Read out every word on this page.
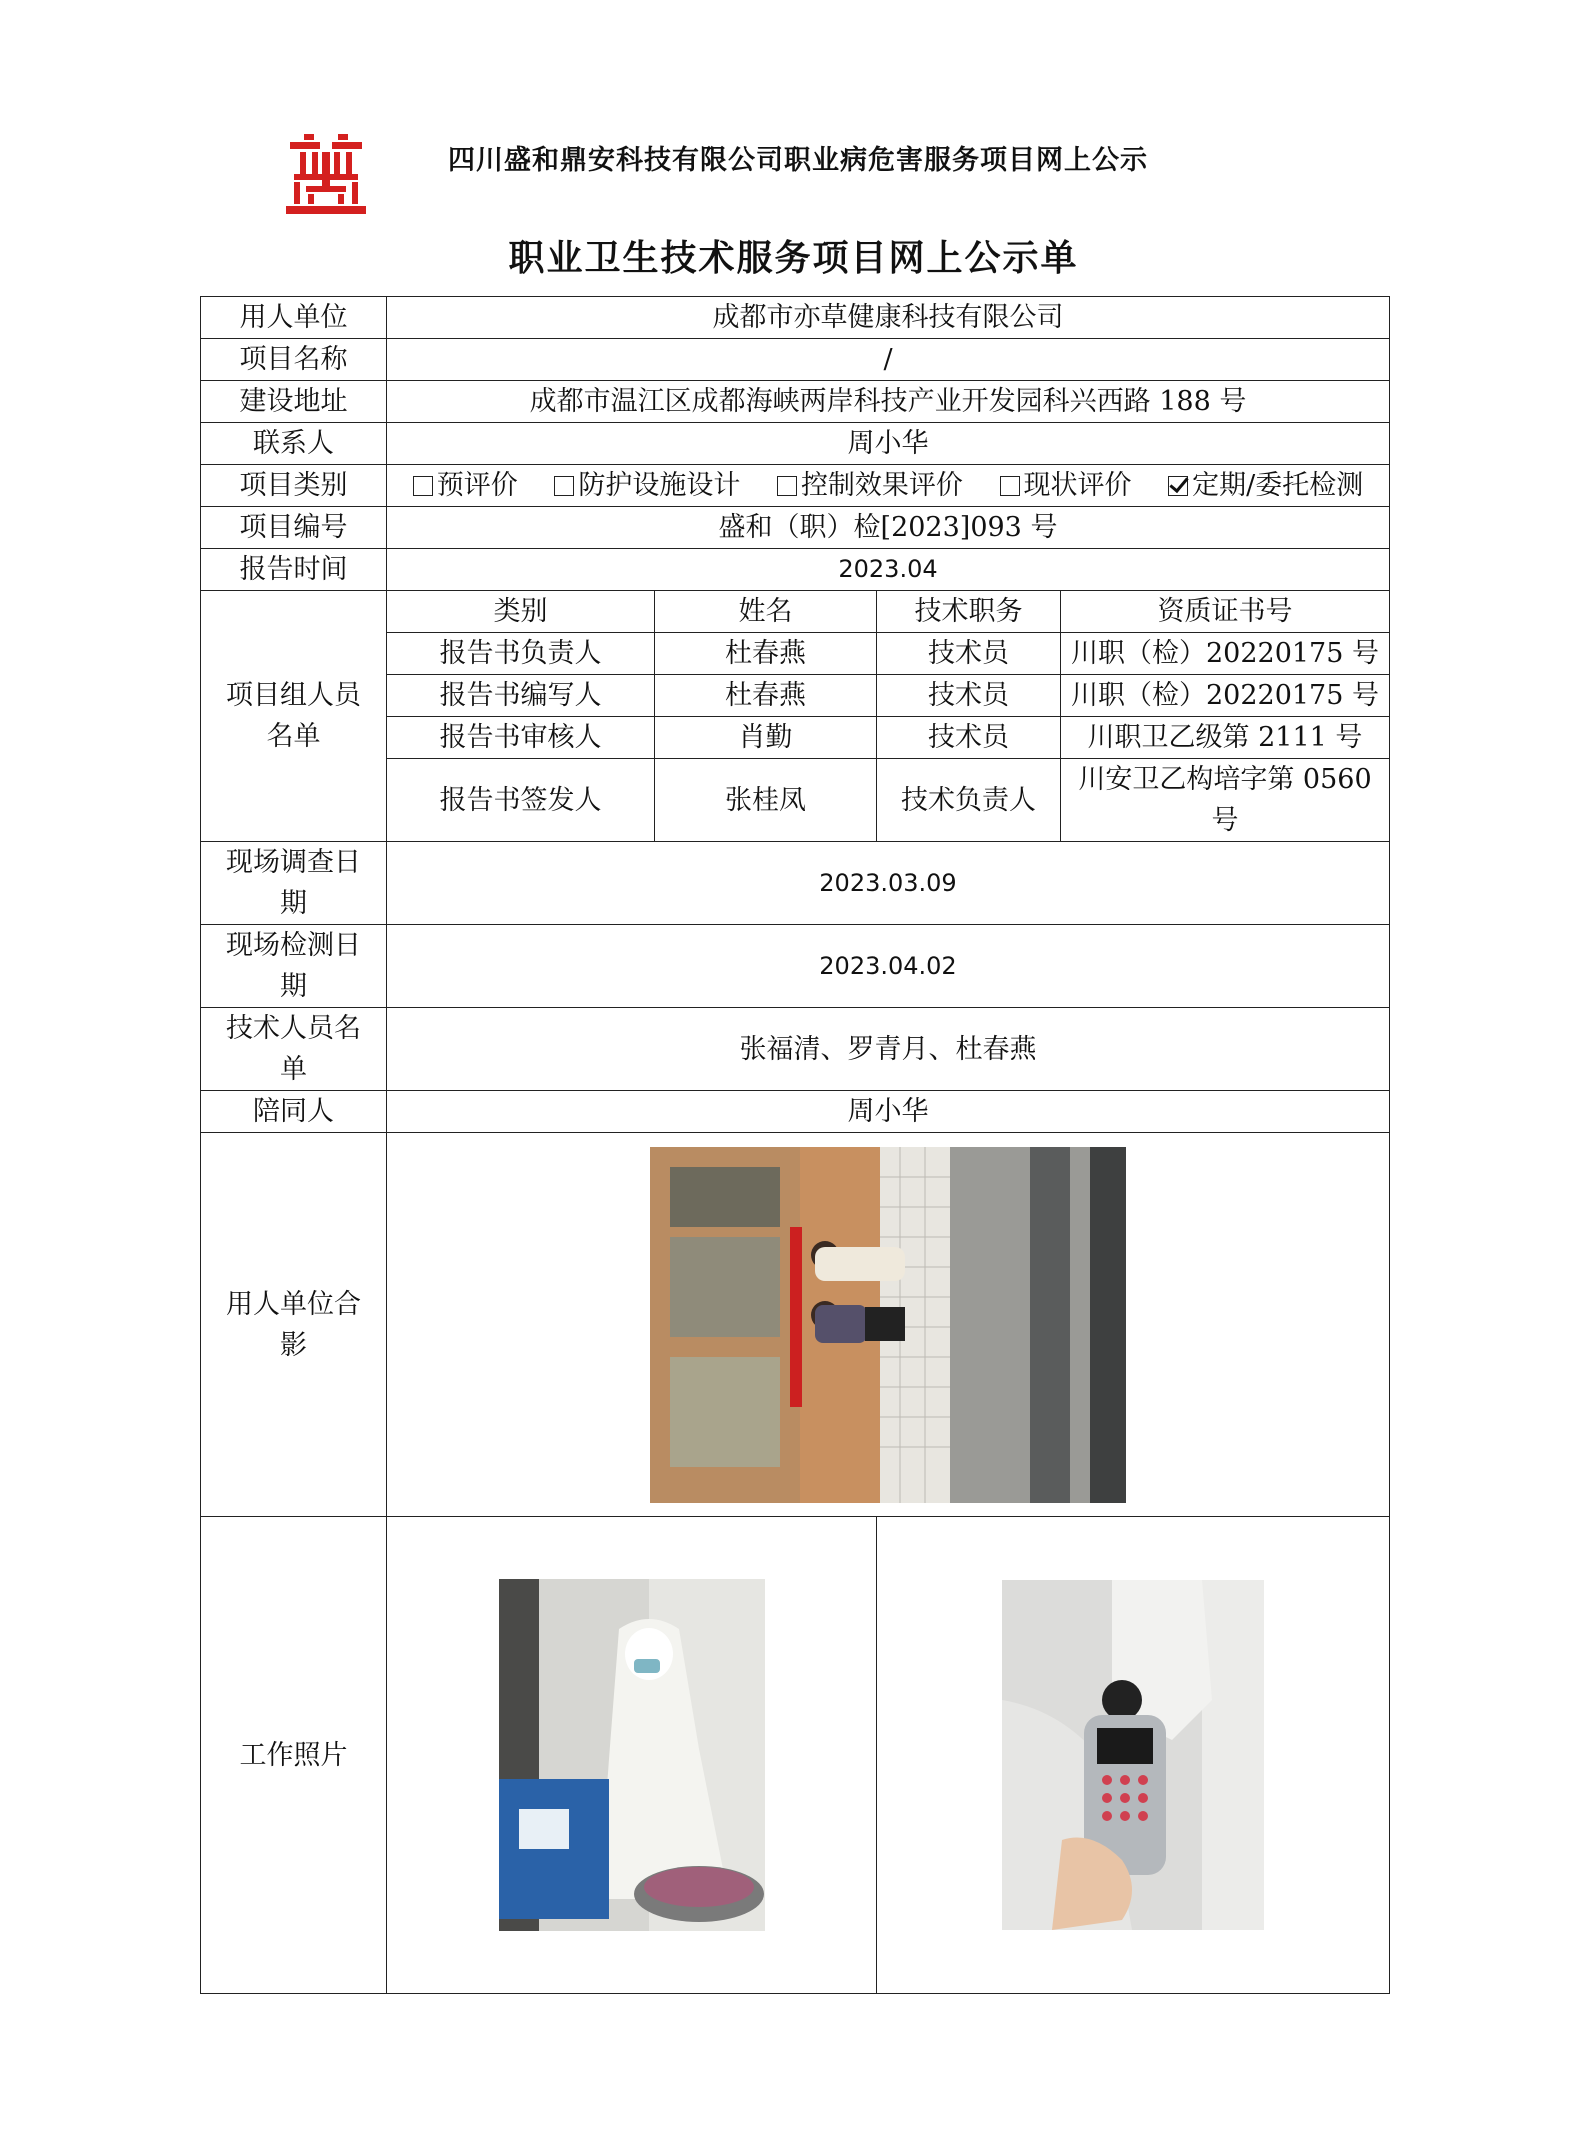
四川盛和鼎安科技有限公司职业病危害服务项目网上公示
职业卫生技术服务项目网上公示单
用人单位	成都市亦草健康科技有限公司			
项目名称	/			
建设地址	成都市温江区成都海峡两岸科技产业开发园科兴西路 188 号			
联系人	周小华			
项目类别	预评价 防护设施设计 控制效果评价 现状评价 定期/委托检测			
项目编号	盛和（职）检[2023]093 号			
报告时间	2023.04			

项目组人员
名单	类别	姓名	技术职务	资质证书号
	报告书负责人	杜春燕	技术员	川职（检）20220175 号
	报告书编写人	杜春燕	技术员	川职（检）20220175 号
	报告书审核人	肖勤	技术员	川职卫乙级第 2111 号
	报告书签发人	张桂凤	技术负责人	川安卫乙构培字第 0560
号

现场调查日
期	2023.03.09			

现场检测日
期	2023.04.02			

技术人员名
单	张福清、罗青月、杜春燕			
陪同人	周小华			

用人单位合
影

工作照片	
